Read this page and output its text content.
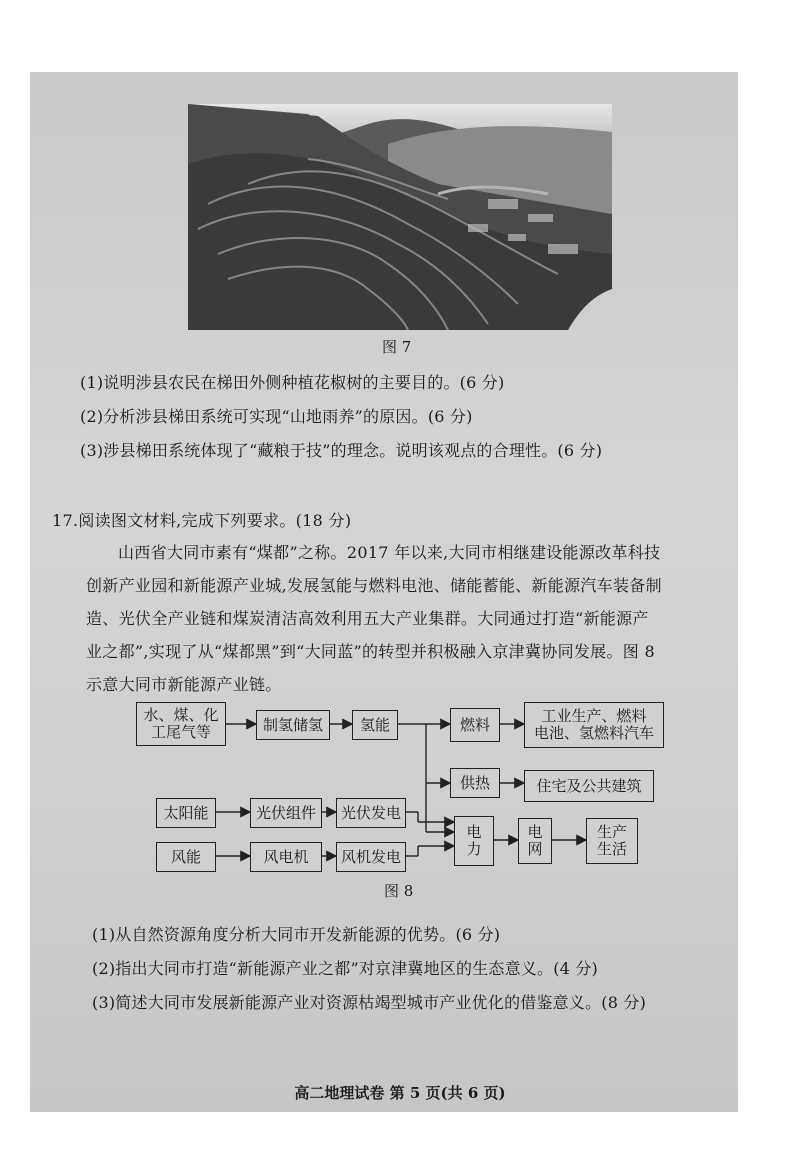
图 7
(1)说明涉县农民在梯田外侧种植花椒树的主要目的。(6 分)
(2)分析涉县梯田系统可实现“山地雨养”的原因。(6 分)
(3)涉县梯田系统体现了“藏粮于技”的理念。说明该观点的合理性。(6 分)
17.阅读图文材料,完成下列要求。(18 分)
山西省大同市素有“煤都”之称。2017 年以来,大同市相继建设能源改革科技
创新产业园和新能源产业城,发展氢能与燃料电池、储能蓄能、新能源汽车装备制
造、光伏全产业链和煤炭清洁高效利用五大产业集群。大同通过打造“新能源产
业之都”,实现了从“煤都黑”到“大同蓝”的转型并积极融入京津冀协同发展。图 8
示意大同市新能源产业链。
水、煤、化
工尾气等	制氢储氢	氢能	燃料	工业生产、燃料
电池、氢燃料汽车
供热	住宅及公共建筑
太阳能	光伏组件	光伏发电
风能	风电机	风机发电
电
力
电
网
生产
生活
图 8
(1)从自然资源角度分析大同市开发新能源的优势。(6 分)
(2)指出大同市打造“新能源产业之都”对京津冀地区的生态意义。(4 分)
(3)简述大同市发展新能源产业对资源枯竭型城市产业优化的借鉴意义。(8 分)
高二地理试卷 第 5 页(共 6 页)
